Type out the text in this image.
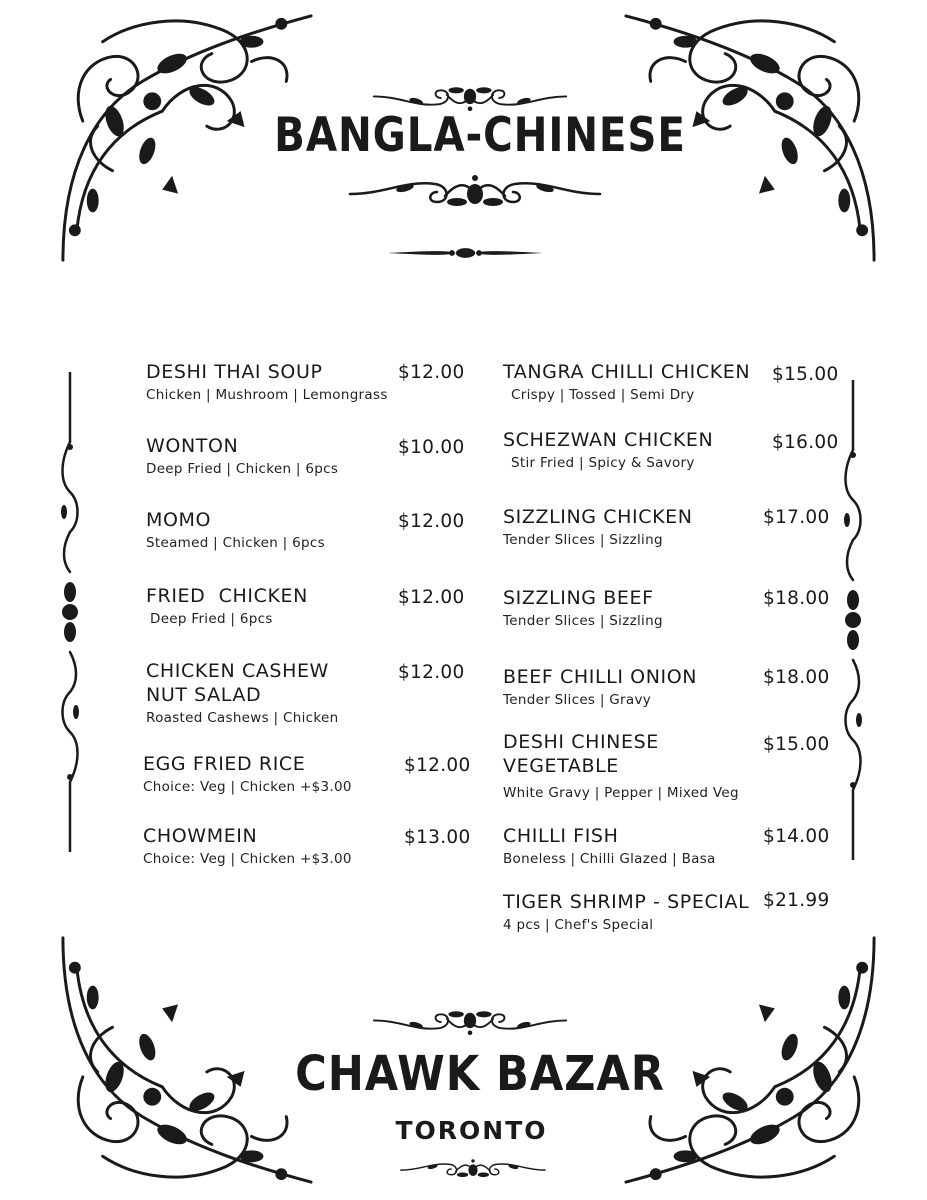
BANGLA-CHINESE
DESHI THAI SOUP
Chicken | Mushroom | Lemongrass
$12.00
WONTON
Deep Fried | Chicken | 6pcs
$10.00
MOMO
Steamed | Chicken | 6pcs
$12.00
FRIED  CHICKEN
Deep Fried | 6pcs
$12.00
CHICKEN CASHEW
NUT SALAD
Roasted Cashews | Chicken
$12.00
EGG FRIED RICE
Choice: Veg | Chicken +$3.00
$12.00
CHOWMEIN
Choice: Veg | Chicken +$3.00
$13.00
TANGRA CHILLI CHICKEN
Crispy | Tossed | Semi Dry
$15.00
SCHEZWAN CHICKEN
Stir Fried | Spicy & Savory
$16.00
SIZZLING CHICKEN
Tender Slices | Sizzling
$17.00
SIZZLING BEEF
Tender Slices | Sizzling
$18.00
BEEF CHILLI ONION
Tender Slices | Gravy
$18.00
DESHI CHINESE
VEGETABLE
White Gravy | Pepper | Mixed Veg
$15.00
CHILLI FISH
Boneless | Chilli Glazed | Basa
$14.00
TIGER SHRIMP - SPECIAL
4 pcs | Chef's Special
$21.99
CHAWK BAZAR
TORONTO
